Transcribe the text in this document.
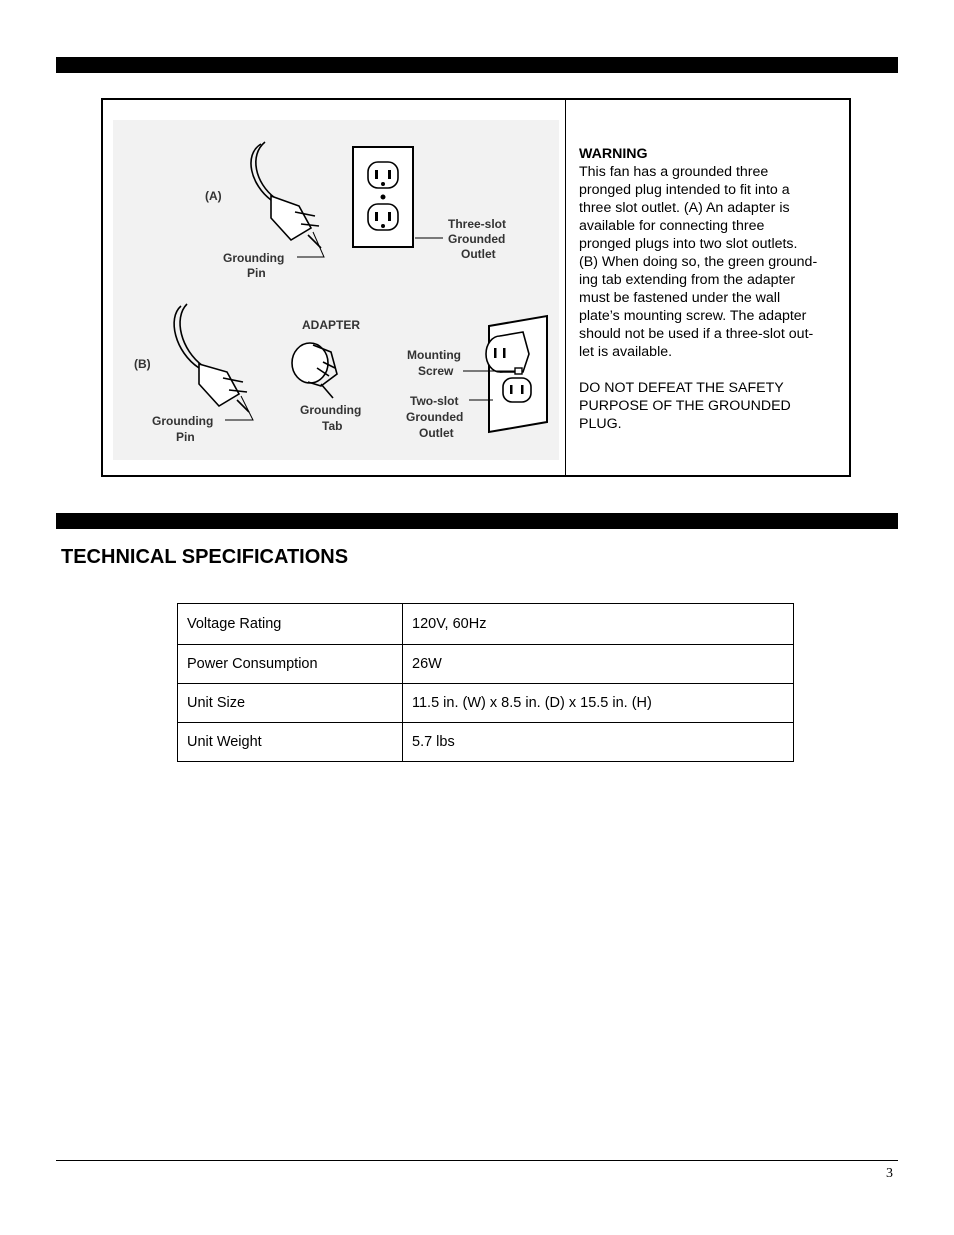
(A)
Grounding
Pin
Three-slot
Grounded
Outlet
(B)
Grounding
Pin
ADAPTER
Grounding
Tab
Mounting
Screw
Two-slot
Grounded
Outlet

WARNING

This fan has a grounded three

pronged plug intended to fit into a

three slot outlet. (A) An adapter is

available for connecting three

pronged plugs into two slot outlets.

(B) When doing so, the green ground-

ing tab extending from the adapter

must be fastened under the wall

plate’s mounting screw. The adapter

should not be used if a three-slot out-

let is available.

DO NOT DEFEAT THE SAFETY

PURPOSE OF THE GROUNDED

PLUG.

TECHNICAL SPECIFICATIONS
Voltage Rating	120V, 60Hz
Power Consumption	26W
Unit Size	11.5 in. (W) x 8.5 in. (D) x 15.5 in. (H)
Unit Weight	5.7 lbs
3
